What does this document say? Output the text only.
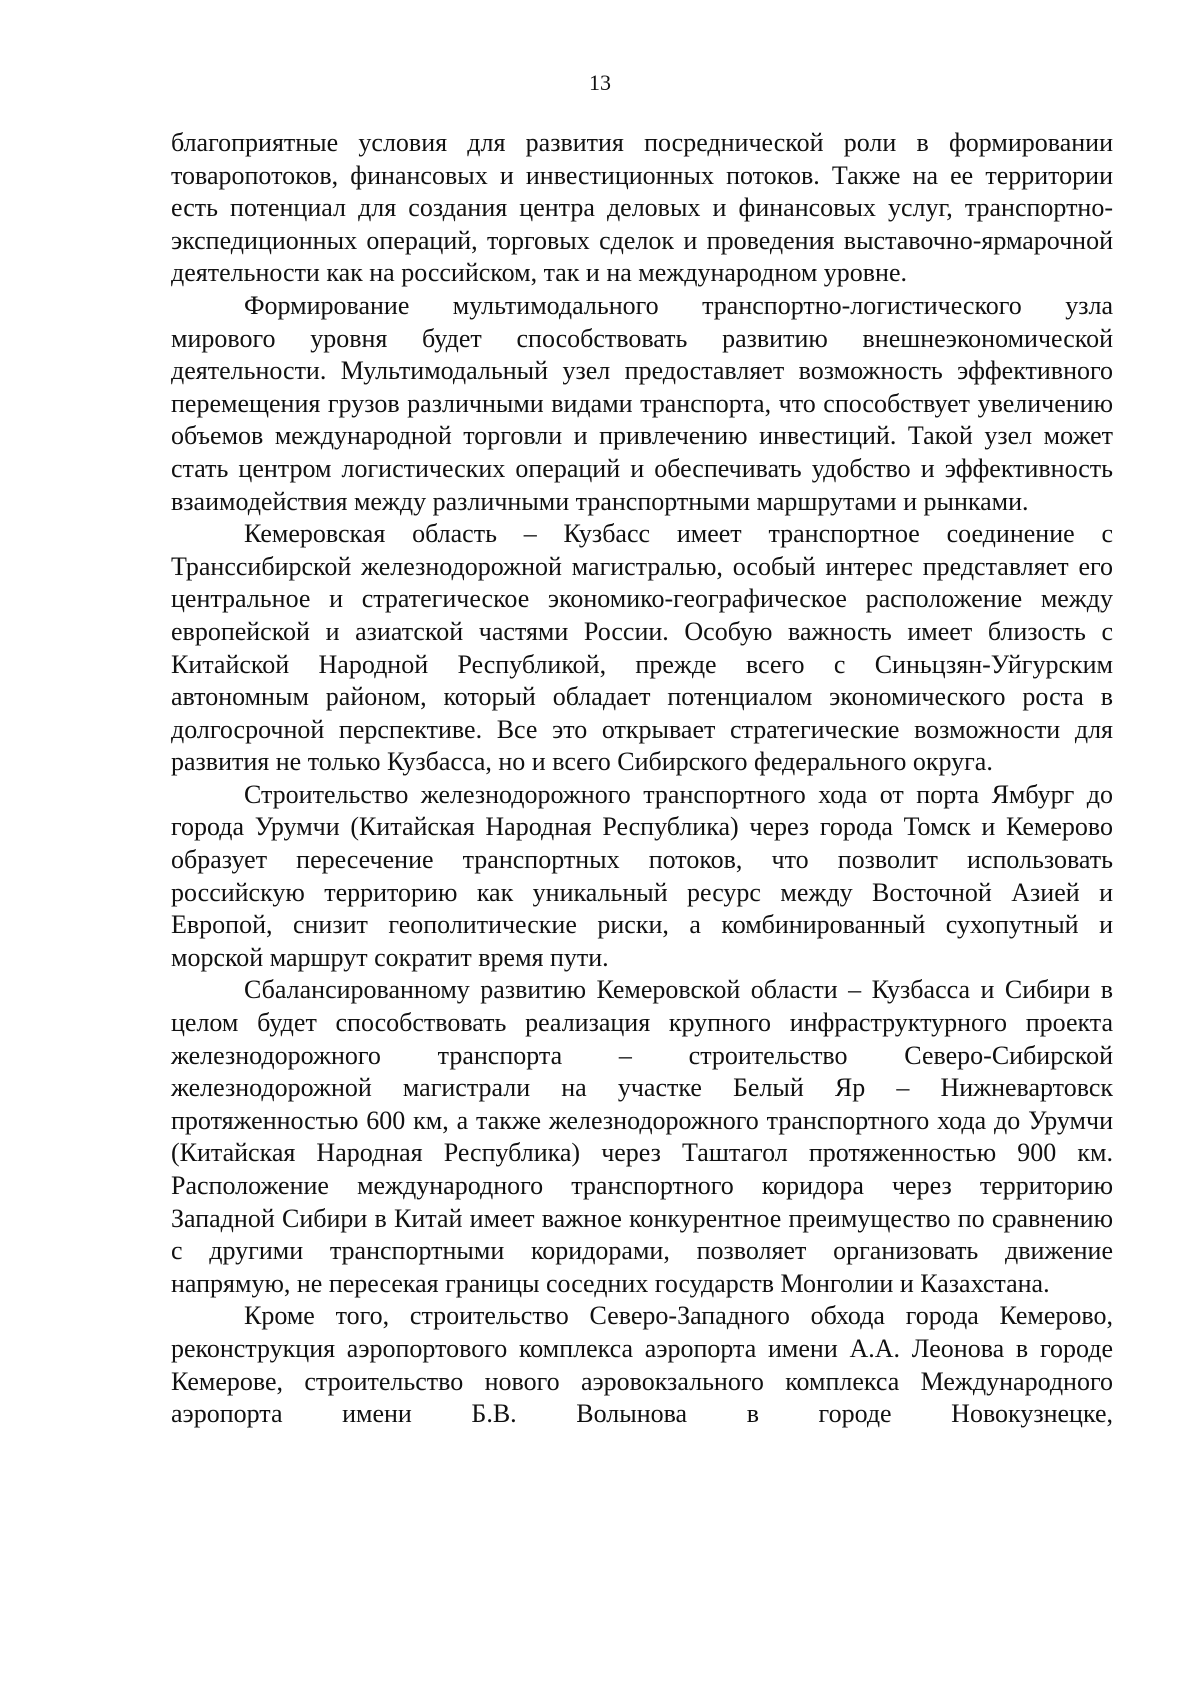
13

благоприятные условия для развития посреднической роли в формировании товаропотоков, финансовых и инвестиционных потоков. Также на ее территории есть потенциал для создания центра деловых и финансовых услуг, транспортно-экспедиционных операций, торговых сделок и проведения выставочно-ярмарочной деятельности как на российском, так и на международном уровне.

Формирование мультимодального транспортно-логистического узла мирового уровня будет способствовать развитию внешнеэкономической деятельности. Мультимодальный узел предоставляет возможность эффективного перемещения грузов различными видами транспорта, что способствует увеличению объемов международной торговли и привлечению инвестиций. Такой узел может стать центром логистических операций и обеспечивать удобство и эффективность взаимодействия между различными транспортными маршрутами и рынками.

Кемеровская область – Кузбасс имеет транспортное соединение с Транссибирской железнодорожной магистралью, особый интерес представляет его центральное и стратегическое экономико-географическое расположение между европейской и азиатской частями России. Особую важность имеет близость с Китайской Народной Республикой, прежде всего с Синьцзян-Уйгурским автономным районом, который обладает потенциалом экономического роста в долгосрочной перспективе. Все это открывает стратегические возможности для развития не только Кузбасса, но и всего Сибирского федерального округа.

Строительство железнодорожного транспортного хода от порта Ямбург до города Урумчи (Китайская Народная Республика) через города Томск и Кемерово образует пересечение транспортных потоков, что позволит использовать российскую территорию как уникальный ресурс между Восточной Азией и Европой, снизит геополитические риски, а комбинированный сухопутный и морской маршрут сократит время пути.

Сбалансированному развитию Кемеровской области – Кузбасса и Сибири в целом будет способствовать реализация крупного инфраструктурного проекта железнодорожного транспорта – строительство Северо-Сибирской железнодорожной магистрали на участке Белый Яр – Нижневартовск протяженностью 600 км, а также железнодорожного транспортного хода до Урумчи (Китайская Народная Республика) через Таштагол протяженностью 900 км. Расположение международного транспортного коридора через территорию Западной Сибири в Китай имеет важное конкурентное преимущество по сравнению с другими транспортными коридорами, позволяет организовать движение напрямую, не пересекая границы соседних государств Монголии и Казахстана.

Кроме того, строительство Северо-Западного обхода города Кемерово, реконструкция аэропортового комплекса аэропорта имени А.А. Леонова в городе Кемерове, строительство нового аэровокзального комплекса Международного аэропорта имени Б.В. Волынова в городе Новокузнецке,
